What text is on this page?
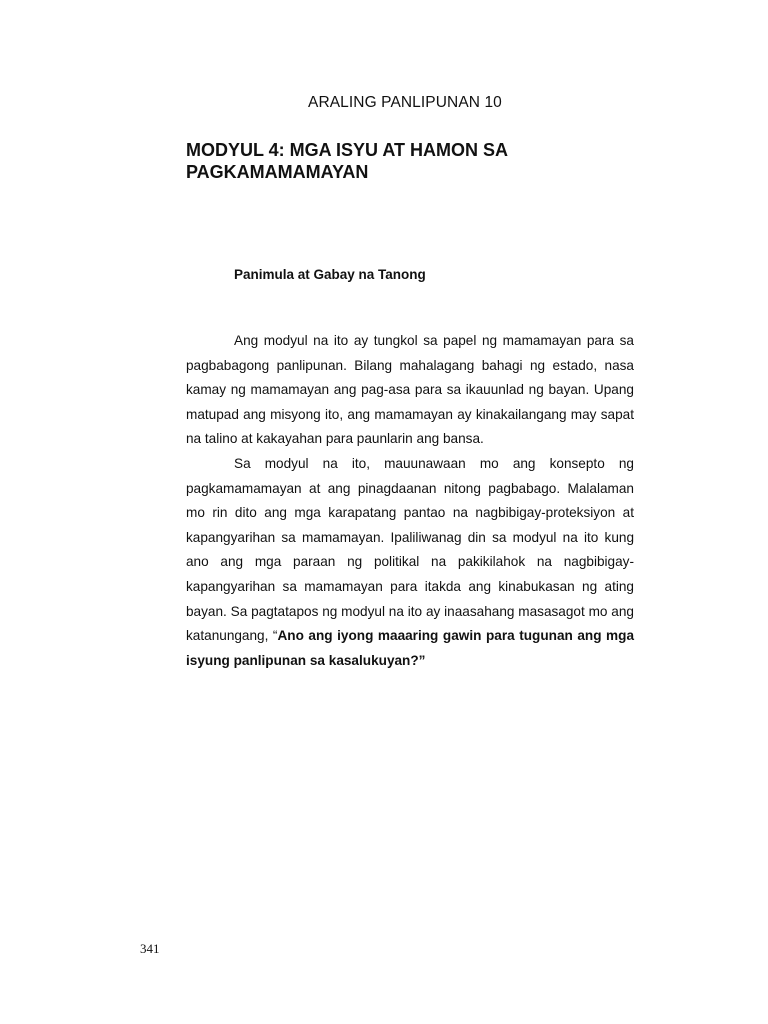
ARALING PANLIPUNAN 10
MODYUL 4: MGA ISYU AT HAMON SA
PAGKAMAMAMAYAN
Panimula at Gabay na Tanong

Ang modyul na ito ay tungkol sa papel ng mamamayan para sa pagbabagong panlipunan. Bilang mahalagang bahagi ng estado, nasa kamay ng mamamayan ang pag-asa para sa ikauunlad ng bayan. Upang matupad ang misyong ito, ang mamamayan ay kinakailangang may sapat na talino at kakayahan para paunlarin ang bansa.

Sa modyul na ito, mauunawaan mo ang konsepto ng pagkamamamayan at ang pinagdaanan nitong pagbabago. Malalaman mo rin dito ang mga karapatang pantao na nagbibigay-proteksiyon at kapangyarihan sa mamamayan. Ipaliliwanag din sa modyul na ito kung ano ang mga paraan ng politikal na pakikilahok na nagbibigay-kapangyarihan sa mamamayan para itakda ang kinabukasan ng ating bayan. Sa pagtatapos ng modyul na ito ay inaasahang masasagot mo ang katanungang, “Ano ang iyong maaaring gawin para tugunan ang mga isyung panlipunan sa kasalukuyan?”

341
